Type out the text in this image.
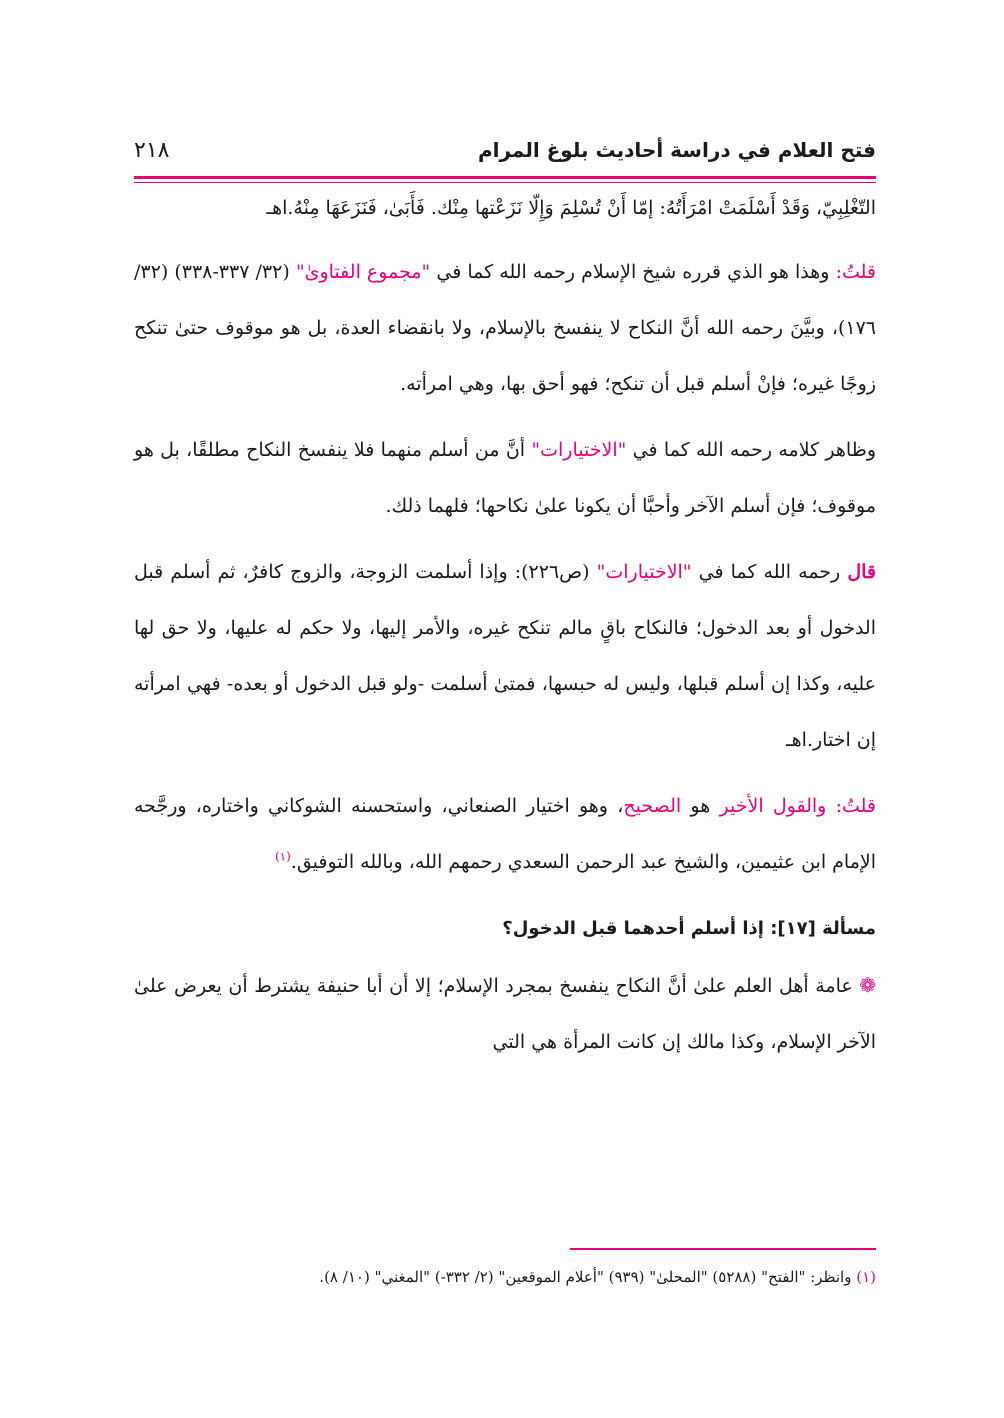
فتح العلام في دراسة أحاديث بلوغ المرام
٢١٨

التّغْلِبِيّ، وَقَدْ أَسْلَمَتْ امْرَأَتُهُ: إمّا أَنْ تُسْلِمَ وَإِلّا نَزَعْتها مِنْك. فَأَبَىٰ، فَنَزَعَهَا مِنْهُ.اهـ

قلتُ: وهذا هو الذي قرره شيخ الإسلام رحمه الله كما في "مجموع الفتاوىٰ" (٣٢/ ٣٣٧-٣٣٨) (٣٢/ ١٧٦)، وبيَّنَ رحمه الله أنَّ النكاح لا ينفسخ بالإسلام، ولا بانقضاء العدة، بل هو موقوف حتىٰ تنكح زوجًا غيره؛ فإنْ أسلم قبل أن تنكح؛ فهو أحق بها، وهي امرأته.

وظاهر كلامه رحمه الله كما في "الاختيارات" أنَّ من أسلم منهما فلا ينفسخ النكاح مطلقًا، بل هو موقوف؛ فإن أسلم الآخر وأحبَّا أن يكونا علىٰ نكاحها؛ فلهما ذلك.

قال رحمه الله كما في "الاختيارات" (ص٢٢٦): وإذا أسلمت الزوجة، والزوج كافرٌ، ثم أسلم قبل الدخول أو بعد الدخول؛ فالنكاح باقٍ مالم تنكح غيره، والأمر إليها، ولا حكم له عليها، ولا حق لها عليه، وكذا إن أسلم قبلها، وليس له حبسها، فمتىٰ أسلمت -ولو قبل الدخول أو بعده- فهي امرأته إن اختار.اهـ

قلتُ: والقول الأخير هو الصحيح، وهو اختيار الصنعاني، واستحسنه الشوكاني واختاره، ورجَّحه الإمام ابن عثيمين، والشيخ عبد الرحمن السعدي رحمهم الله، وبالله التوفيق.$^{(١)}$

مسألة [١٧]: إذا أسلم أحدهما قبل الدخول؟

❁ عامة أهل العلم علىٰ أنَّ النكاح ينفسخ بمجرد الإسلام؛ إلا أن أبا حنيفة يشترط أن يعرض علىٰ الآخر الإسلام، وكذا مالك إن كانت المرأة هي التي

(١) وانظر: "الفتح" (٥٢٨٨) "المحلىٰ" (٩٣٩) "أعلام الموقعين" (٢/ ٣٣٢-) "المغني" (١٠/ ٨).
